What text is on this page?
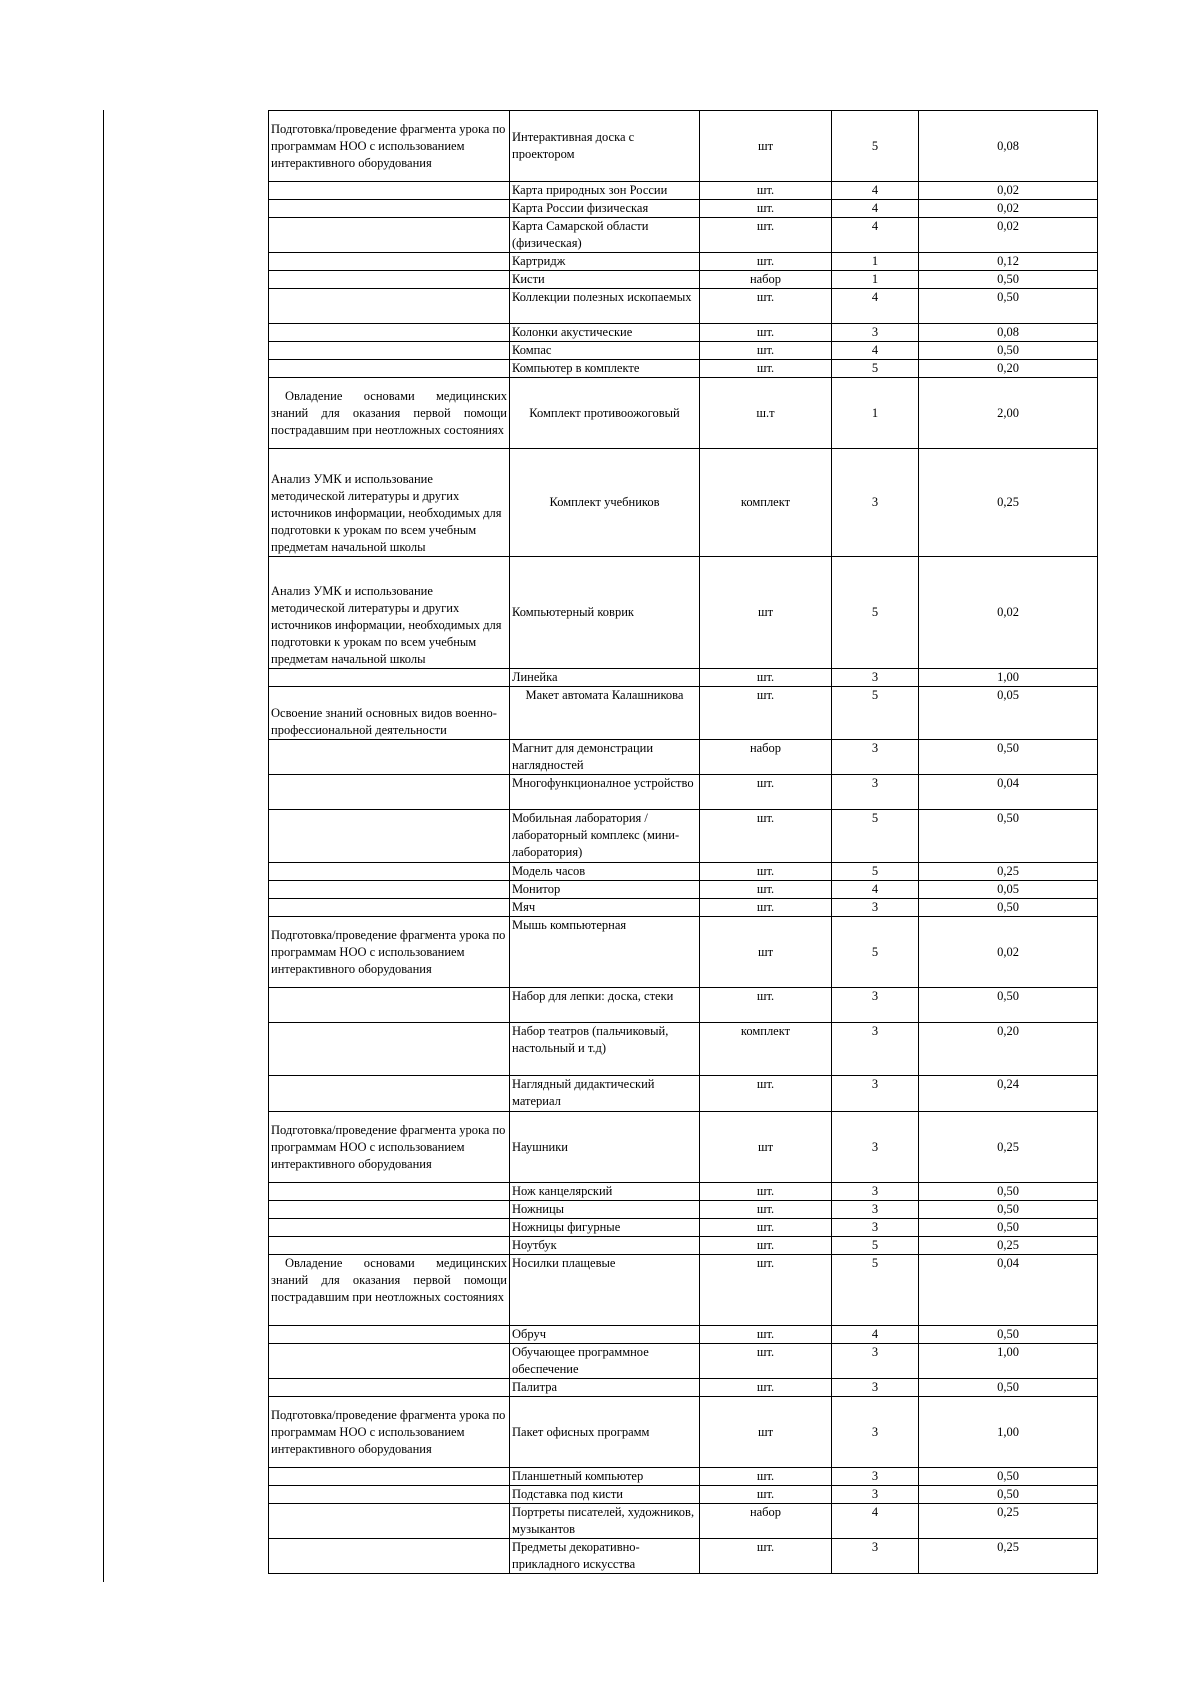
Подготовка/проведение фрагмента урока по программам НОО с использованием интерактивного оборудования	Интерактивная доска с проектором	шт	5	0,08
	Карта природных зон России	шт.	4	0,02
	Карта России физическая	шт.	4	0,02
	Карта Самарской области (физическая)	шт.	4	0,02
	Картридж	шт.	1	0,12
	Кисти	набор	1	0,50
	Коллекции полезных ископаемых	шт.	4	0,50
	Колонки акустические	шт.	3	0,08
	Компас	шт.	4	0,50
	Компьютер в комплекте	шт.	5	0,20
Овладение основами медицинских знаний для оказания первой помощи пострадавшим при неотложных состояниях	Комплект противоожоговый	ш.т	1	2,00
Анализ УМК и использование методической литературы и других источников информации, необходимых для подготовки к урокам по всем учебным предметам начальной школы	Комплект учебников	комплект	3	0,25
Анализ УМК и использование методической литературы и других источников информации, необходимых для подготовки к урокам по всем учебным предметам начальной школы	Компьютерный коврик	шт	5	0,02
	Линейка	шт.	3	1,00
Освоение знаний основных видов военно-профессиональной деятельности	Макет автомата Калашникова	шт.	5	0,05
	Магнит для демонстрации наглядностей	набор	3	0,50
	Многофункционалное устройство	шт.	3	0,04
	Мобильная лаборатория / лабораторный комплекс (мини-лаборатория)	шт.	5	0,50
	Модель часов	шт.	5	0,25
	Монитор	шт.	4	0,05
	Мяч	шт.	3	0,50
Подготовка/проведение фрагмента урока по программам НОО с использованием интерактивного оборудования	Мышь компьютерная	шт	5	0,02
	Набор для лепки: доска, стеки	шт.	3	0,50
	Набор театров (пальчиковый, настольный и т.д)	комплект	3	0,20
	Наглядный дидактический материал	шт.	3	0,24
Подготовка/проведение фрагмента урока по программам НОО с использованием интерактивного оборудования	Наушники	шт	3	0,25
	Нож канцелярский	шт.	3	0,50
	Ножницы	шт.	3	0,50
	Ножницы фигурные	шт.	3	0,50
	Ноутбук	шт.	5	0,25
Овладение основами медицинских знаний для оказания первой помощи пострадавшим при неотложных состояниях	Носилки плащевые	шт.	5	0,04
	Обруч	шт.	4	0,50
	Обучающее программное обеспечение	шт.	3	1,00
	Палитра	шт.	3	0,50
Подготовка/проведение фрагмента урока по программам НОО с использованием интерактивного оборудования	Пакет офисных программ	шт	3	1,00
	Планшетный компьютер	шт.	3	0,50
	Подставка под кисти	шт.	3	0,50
	Портреты писателей, художников, музыкантов	набор	4	0,25
	Предметы декоративно-прикладного искусства	шт.	3	0,25
